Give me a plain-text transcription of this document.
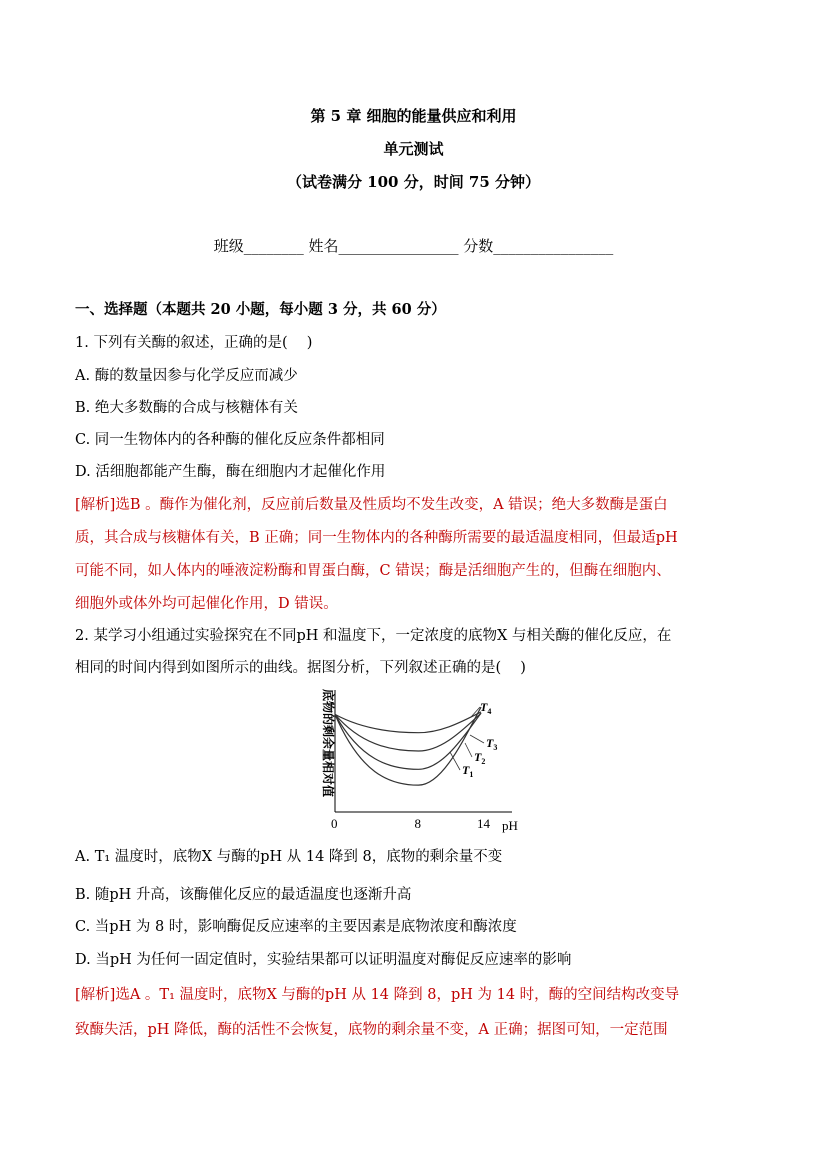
第 5 章 细胞的能量供应和利用
单元测试
（试卷满分 100 分，时间 75 分钟）
班级________ 姓名________________ 分数________________
一、选择题（本题共 20 小题，每小题 3 分，共 60 分）
1. 下列有关酶的叙述，正确的是(　 )
A. 酶的数量因参与化学反应而减少
B. 绝大多数酶的合成与核糖体有关
C. 同一生物体内的各种酶的催化反应条件都相同
D. 活细胞都能产生酶，酶在细胞内才起催化作用
[解析]选B 。酶作为催化剂，反应前后数量及性质均不发生改变，A 错误；绝大多数酶是蛋白
质，其合成与核糖体有关，B 正确；同一生物体内的各种酶所需要的最适温度相同，但最适pH
可能不同，如人体内的唾液淀粉酶和胃蛋白酶，C 错误；酶是活细胞产生的，但酶在细胞内、
细胞外或体外均可起催化作用，D 错误。
2. 某学习小组通过实验探究在不同pH 和温度下，一定浓度的底物X 与相关酶的催化反应，在
相同的时间内得到如图所示的曲线。据图分析，下列叙述正确的是(　 )
底物的剩余量相对值
pH
0	8	14
$T_4$
$T_3$
$T_2$
$T_1$
A. T₁ 温度时，底物X 与酶的pH 从 14 降到 8，底物的剩余量不变
B. 随pH 升高，该酶催化反应的最适温度也逐渐升高
C. 当pH 为 8 时，影响酶促反应速率的主要因素是底物浓度和酶浓度
D. 当pH 为任何一固定值时，实验结果都可以证明温度对酶促反应速率的影响
[解析]选A 。T₁ 温度时，底物X 与酶的pH 从 14 降到 8，pH 为 14 时，酶的空间结构改变导
致酶失活，pH 降低，酶的活性不会恢复，底物的剩余量不变，A 正确；据图可知，一定范围
